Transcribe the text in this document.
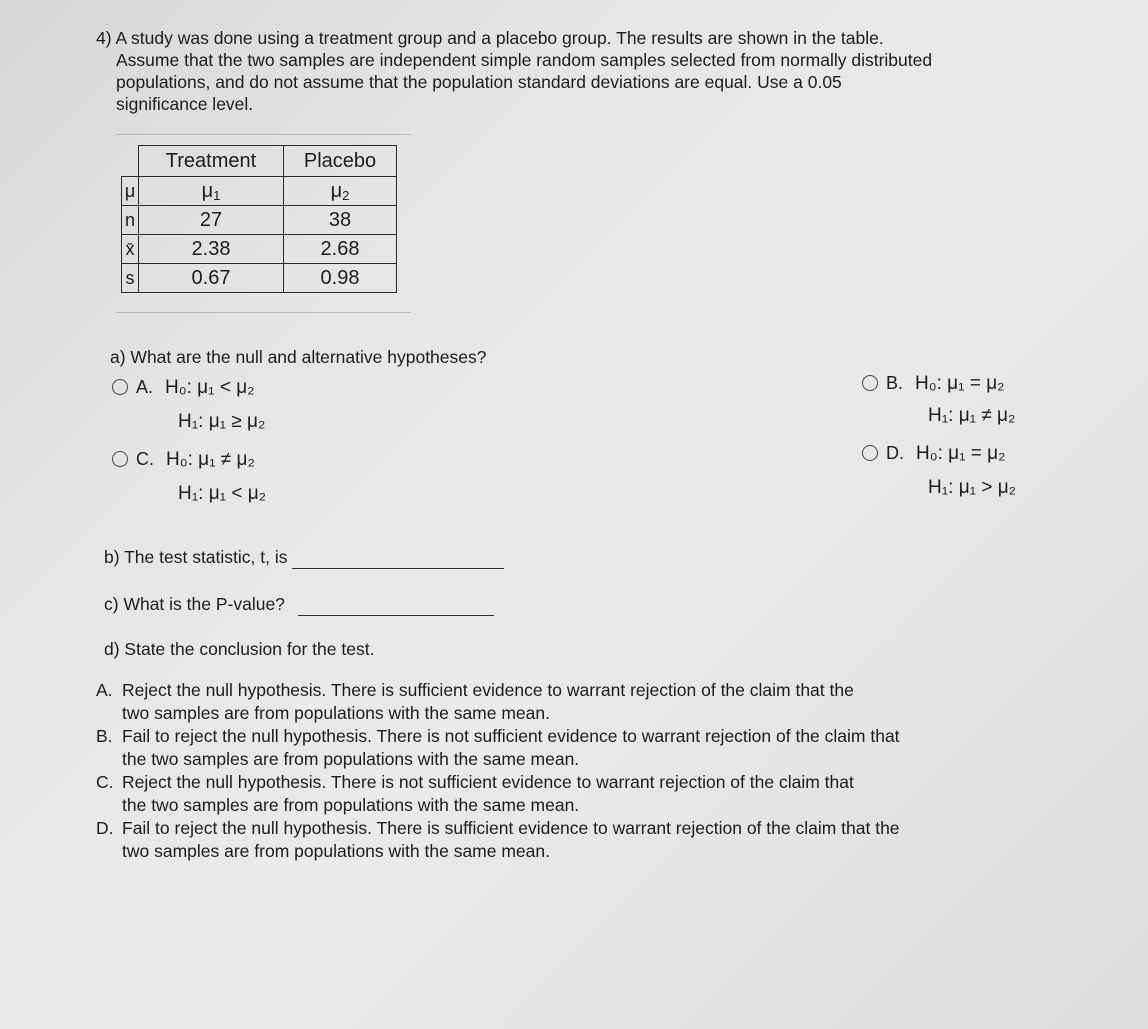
4) A study was done using a treatment group and a placebo group. The results are shown in the table.
Assume that the two samples are independent simple random samples selected from normally distributed
populations, and do not assume that the population standard deviations are equal. Use a 0.05
significance level.
	Treatment	Placebo
μ	$\mu_1$	$\mu_2$
n	27	38
x̄	2.38	2.68
s	0.67	0.98
a) What are the null and alternative hypotheses?
A. H₀: μ₁ < μ₂
H₁: μ₁ ≥ μ₂
C. H₀: μ₁ ≠ μ₂
H₁: μ₁ < μ₂
B. H₀: μ₁ = μ₂
H₁: μ₁ ≠ μ₂
D. H₀: μ₁ = μ₂
H₁: μ₁ > μ₂
b) The test statistic, t, is
c) What is the P-value?
d) State the conclusion for the test.
A. Reject the null hypothesis. There is sufficient evidence to warrant rejection of the claim that the
two samples are from populations with the same mean.
B. Fail to reject the null hypothesis. There is not sufficient evidence to warrant rejection of the claim that
the two samples are from populations with the same mean.
C. Reject the null hypothesis. There is not sufficient evidence to warrant rejection of the claim that
the two samples are from populations with the same mean.
D. Fail to reject the null hypothesis. There is sufficient evidence to warrant rejection of the claim that the
two samples are from populations with the same mean.
